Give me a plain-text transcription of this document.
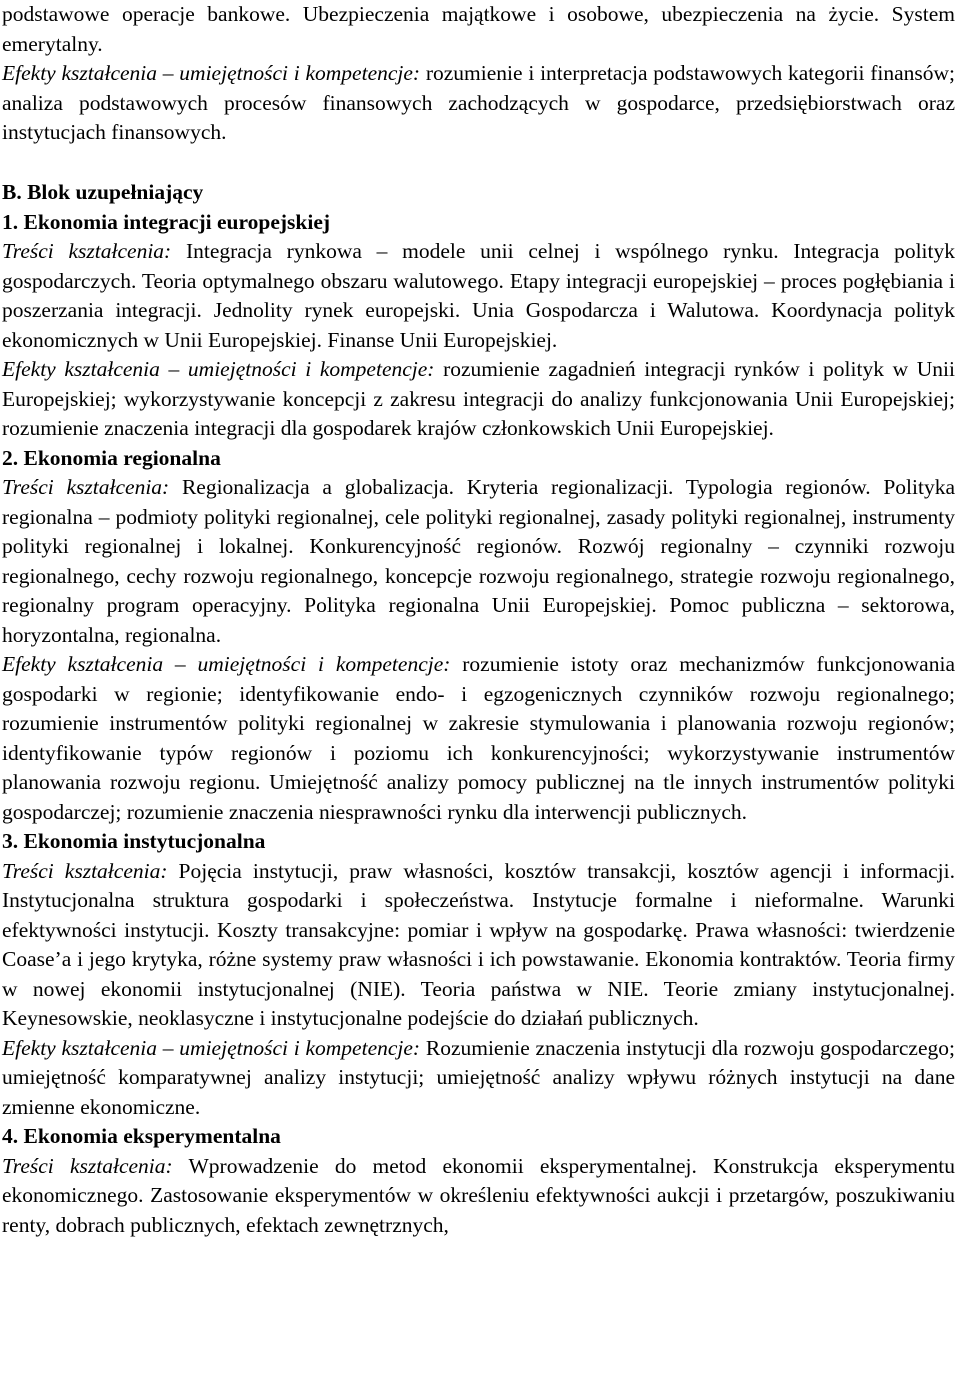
podstawowe operacje bankowe. Ubezpieczenia majątkowe i osobowe, ubezpieczenia na życie. System emerytalny.

Efekty kształcenia – umiejętności i kompetencje: rozumienie i interpretacja podstawowych kategorii finansów; analiza podstawowych procesów finansowych zachodzących w gospodarce, przedsiębiorstwach oraz instytucjach finansowych.

B. Blok uzupełniający

1. Ekonomia integracji europejskiej

Treści kształcenia: Integracja rynkowa – modele unii celnej i wspólnego rynku. Integracja polityk gospodarczych. Teoria optymalnego obszaru walutowego. Etapy integracji europejskiej – proces pogłębiania i poszerzania integracji. Jednolity rynek europejski. Unia Gospodarcza i Walutowa. Koordynacja polityk ekonomicznych w Unii Europejskiej. Finanse Unii Europejskiej.

Efekty kształcenia – umiejętności i kompetencje: rozumienie zagadnień integracji rynków i polityk w Unii Europejskiej; wykorzystywanie koncepcji z zakresu integracji do analizy funkcjonowania Unii Europejskiej; rozumienie znaczenia integracji dla gospodarek krajów członkowskich Unii Europejskiej.

2. Ekonomia regionalna

Treści kształcenia: Regionalizacja a globalizacja. Kryteria regionalizacji. Typologia regionów. Polityka regionalna – podmioty polityki regionalnej, cele polityki regionalnej, zasady polityki regionalnej, instrumenty polityki regionalnej i lokalnej. Konkurencyjność regionów. Rozwój regionalny – czynniki rozwoju regionalnego, cechy rozwoju regionalnego, koncepcje rozwoju regionalnego, strategie rozwoju regionalnego, regionalny program operacyjny. Polityka regionalna Unii Europejskiej. Pomoc publiczna – sektorowa, horyzontalna, regionalna.

Efekty kształcenia – umiejętności i kompetencje: rozumienie istoty oraz mechanizmów funkcjonowania gospodarki w regionie; identyfikowanie endo- i egzogenicznych czynników rozwoju regionalnego; rozumienie instrumentów polityki regionalnej w zakresie stymulowania i planowania rozwoju regionów; identyfikowanie typów regionów i poziomu ich konkurencyjności; wykorzystywanie instrumentów planowania rozwoju regionu. Umiejętność analizy pomocy publicznej na tle innych instrumentów polityki gospodarczej; rozumienie znaczenia niesprawności rynku dla interwencji publicznych.

3. Ekonomia instytucjonalna

Treści kształcenia: Pojęcia instytucji, praw własności, kosztów transakcji, kosztów agencji i informacji. Instytucjonalna struktura gospodarki i społeczeństwa. Instytucje formalne i nieformalne. Warunki efektywności instytucji. Koszty transakcyjne: pomiar i wpływ na gospodarkę. Prawa własności: twierdzenie Coase’a i jego krytyka, różne systemy praw własności i ich powstawanie. Ekonomia kontraktów. Teoria firmy w nowej ekonomii instytucjonalnej (NIE). Teoria państwa w NIE. Teorie zmiany instytucjonalnej. Keynesowskie, neoklasyczne i instytucjonalne podejście do działań publicznych.

Efekty kształcenia – umiejętności i kompetencje: Rozumienie znaczenia instytucji dla rozwoju gospodarczego; umiejętność komparatywnej analizy instytucji; umiejętność analizy wpływu różnych instytucji na dane zmienne ekonomiczne.

4. Ekonomia eksperymentalna

Treści kształcenia: Wprowadzenie do metod ekonomii eksperymentalnej. Konstrukcja eksperymentu ekonomicznego. Zastosowanie eksperymentów w określeniu efektywności aukcji i przetargów, poszukiwaniu renty, dobrach publicznych, efektach zewnętrznych,
